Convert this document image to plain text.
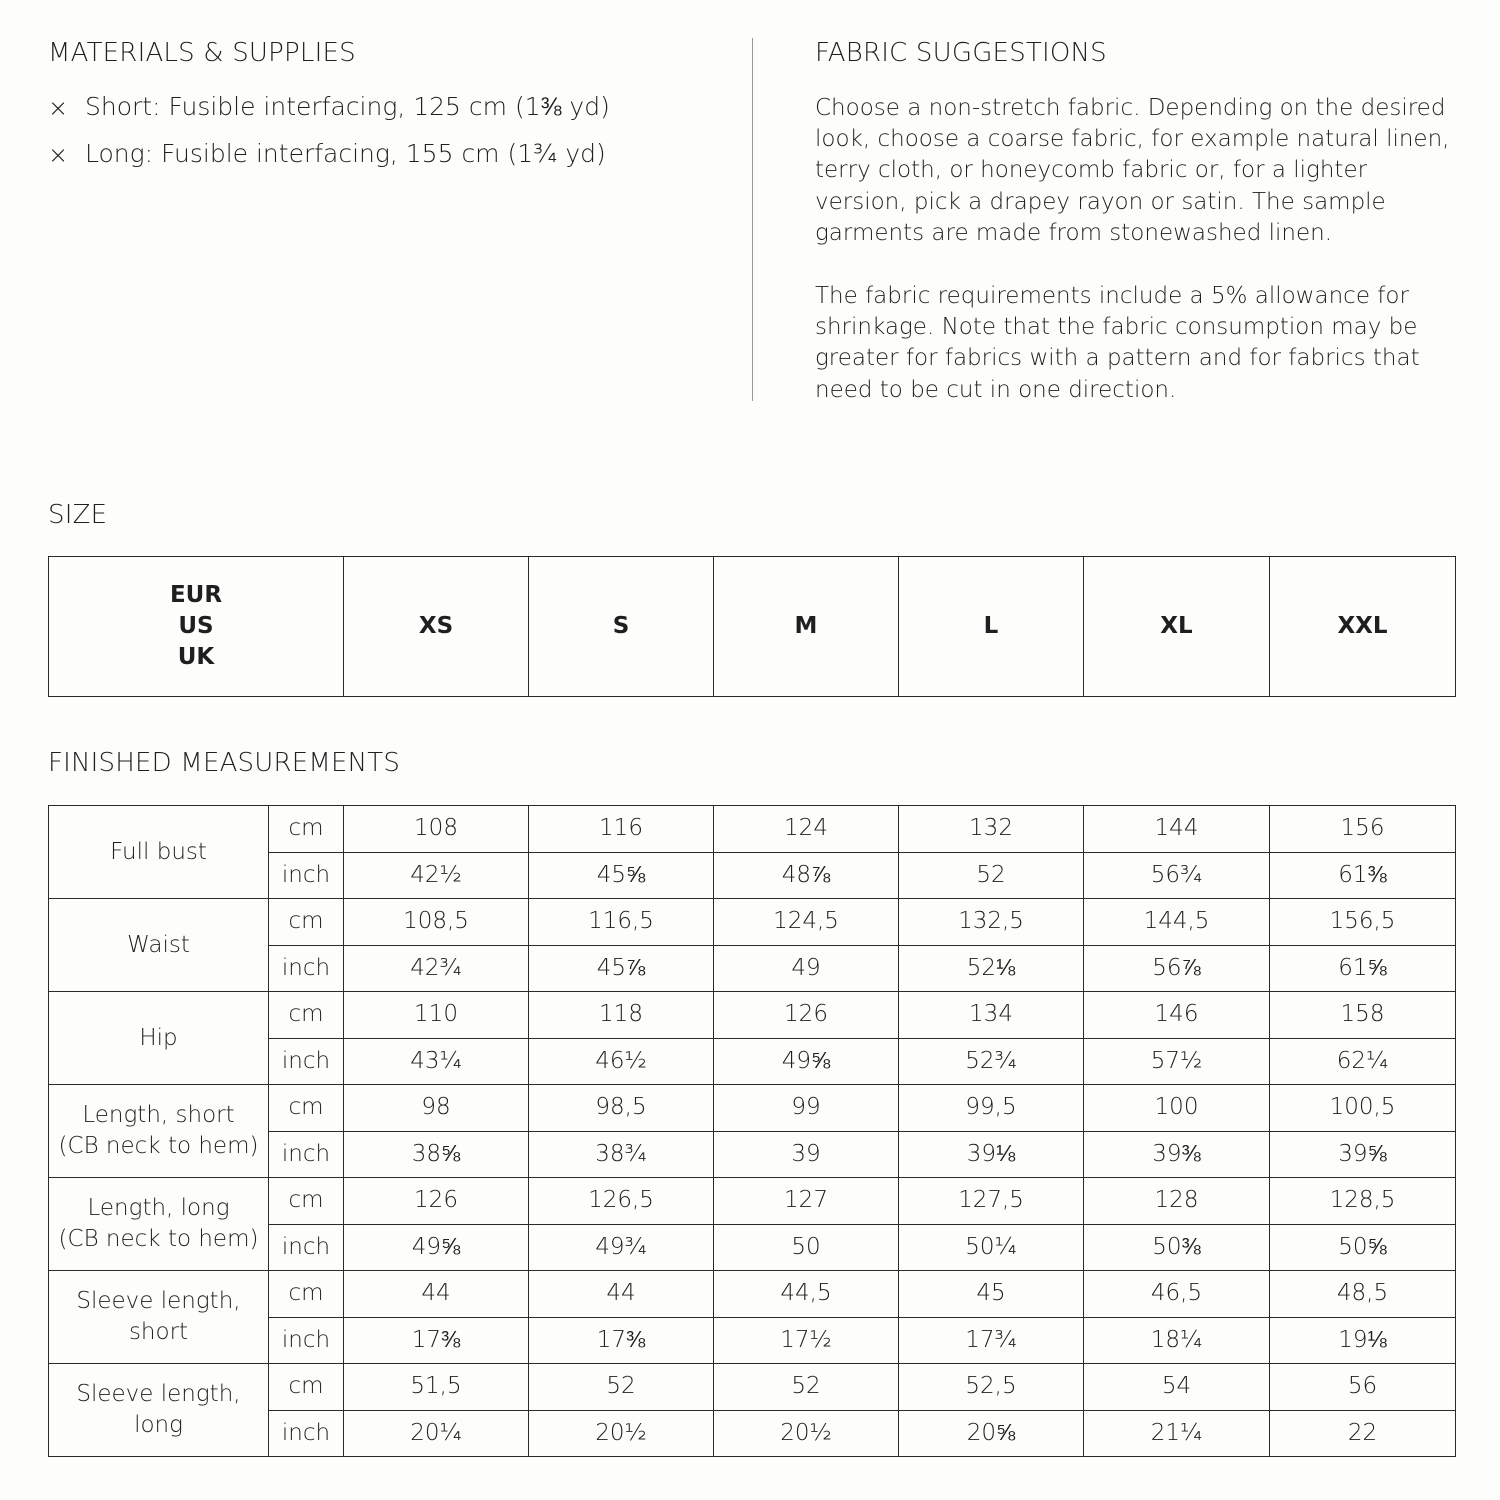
MATERIALS & SUPPLIES
× Short: Fusible interfacing, 125 cm (1⅜ yd)
× Long: Fusible interfacing, 155 cm (1¾ yd)
FABRIC SUGGESTIONS
Choose a non-stretch fabric. Depending on the desired look, choose a coarse fabric, for example natural linen, terry cloth, or honeycomb fabric or, for a lighter version, pick a drapey rayon or satin. The sample garments are made from stonewashed linen.
The fabric requirements include a 5% allowance for shrinkage. Note that the fabric consumption may be greater for fabrics with a pattern and for fabrics that need to be cut in one direction.
SIZE
EUR
US
UK
	XS	S	M	L	XL	XXL
FINISHED MEASUREMENTS
Full bust	cm	108	116	124	132	144	156
	inch	42½	45⅝	48⅞	52	56¾	61⅜

Waist	cm	108,5	116,5	124,5	132,5	144,5	156,5
	inch	42¾	45⅞	49	52⅛	56⅞	61⅝

Hip	cm	110	118	126	134	146	158
	inch	43¼	46½	49⅝	52¾	57½	62¼

Length, short
(CB neck to hem)	cm	98	98,5	99	99,5	100	100,5
	inch	38⅝	38¾	39	39⅛	39⅜	39⅝

Length, long
(CB neck to hem)	cm	126	126,5	127	127,5	128	128,5
	inch	49⅝	49¾	50	50¼	50⅜	50⅝

Sleeve length,
short	cm	44	44	44,5	45	46,5	48,5
	inch	17⅜	17⅜	17½	17¾	18¼	19⅛

Sleeve length,
long	cm	51,5	52	52	52,5	54	56
	inch	20¼	20½	20½	20⅝	21¼	22
